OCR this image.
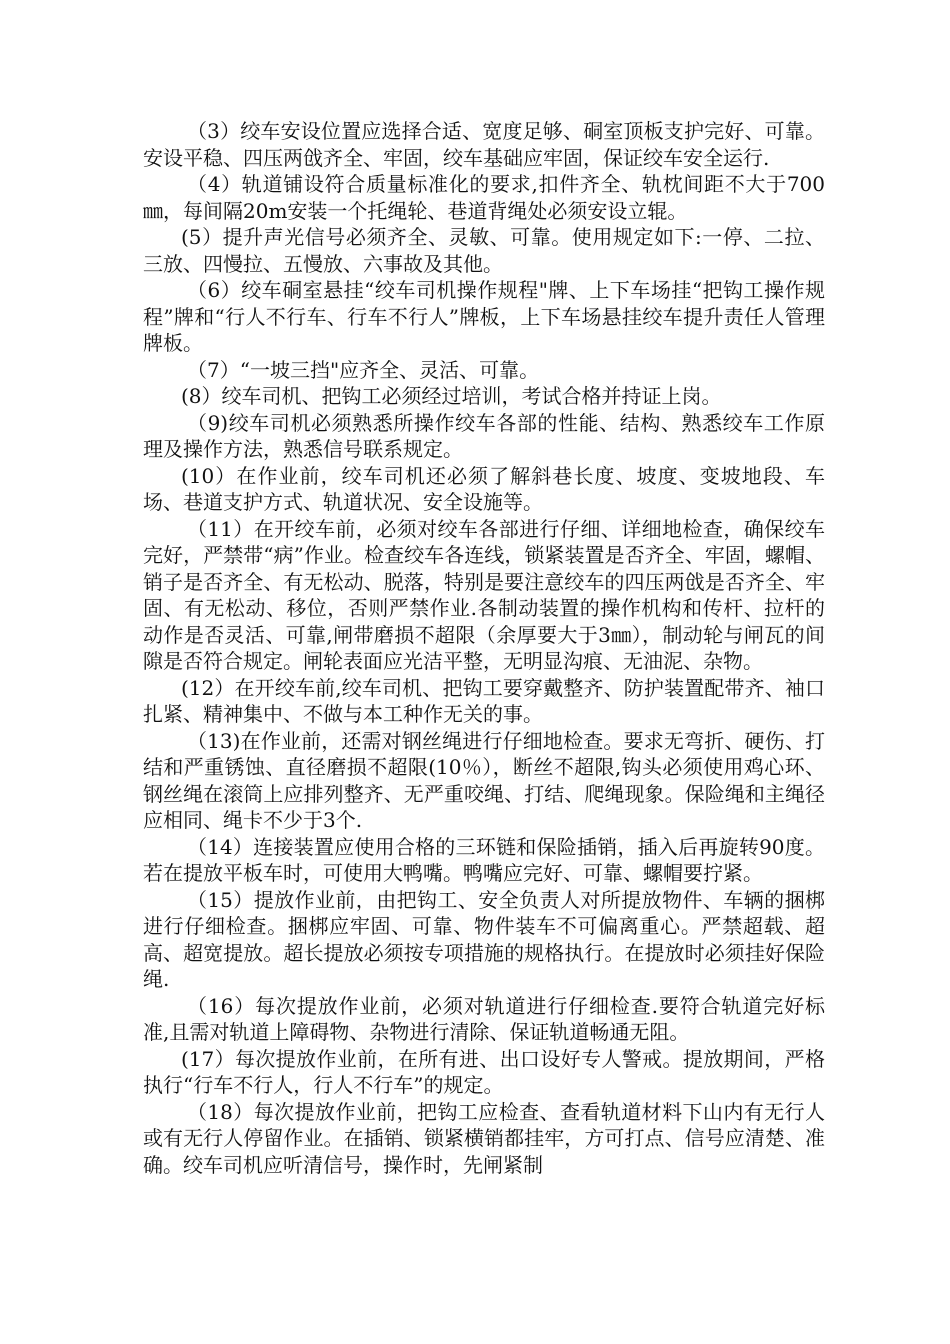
（3）绞车安设位置应选择合适、宽度足够、硐室顶板支护完好、可靠。安设平稳、四压两戗齐全、牢固，绞车基础应牢固，保证绞车安全运行.

（4）轨道铺设符合质量标准化的要求,扣件齐全、轨枕间距不大于700㎜，每间隔20m安装一个托绳轮、巷道背绳处必须安设立辊。

(5）提升声光信号必须齐全、灵敏、可靠。使用规定如下:一停、二拉、三放、四慢拉、五慢放、六事故及其他。

（6）绞车硐室悬挂“绞车司机操作规程"牌、上下车场挂“把钩工操作规程”牌和“行人不行车、行车不行人”牌板，上下车场悬挂绞车提升责任人管理牌板。

（7）“一坡三挡"应齐全、灵活、可靠。

(8）绞车司机、把钩工必须经过培训，考试合格并持证上岗。

（9)绞车司机必须熟悉所操作绞车各部的性能、结构、熟悉绞车工作原理及操作方法，熟悉信号联系规定。

(10）在作业前，绞车司机还必须了解斜巷长度、坡度、变坡地段、车场、巷道支护方式、轨道状况、安全设施等。

（11）在开绞车前，必须对绞车各部进行仔细、详细地检查，确保绞车完好，严禁带“病”作业。检查绞车各连线，锁紧装置是否齐全、牢固，螺帽、销子是否齐全、有无松动、脱落，特别是要注意绞车的四压两戗是否齐全、牢固、有无松动、移位，否则严禁作业.各制动装置的操作机构和传杆、拉杆的动作是否灵活、可靠,闸带磨损不超限（余厚要大于3㎜），制动轮与闸瓦的间隙是否符合规定。闸轮表面应光洁平整，无明显沟痕、无油泥、杂物。

(12）在开绞车前,绞车司机、把钩工要穿戴整齐、防护装置配带齐、袖口扎紧、精神集中、不做与本工种作无关的事。

（13)在作业前，还需对钢丝绳进行仔细地检查。要求无弯折、硬伤、打结和严重锈蚀、直径磨损不超限(10％），断丝不超限,钩头必须使用鸡心环、钢丝绳在滚筒上应排列整齐、无严重咬绳、打结、爬绳现象。保险绳和主绳径应相同、绳卡不少于3个.

（14）连接装置应使用合格的三环链和保险插销，插入后再旋转90度。若在提放平板车时，可使用大鸭嘴。鸭嘴应完好、可靠、螺帽要拧紧。

（15）提放作业前，由把钩工、安全负责人对所提放物件、车辆的捆梆进行仔细检查。捆梆应牢固、可靠、物件装车不可偏离重心。严禁超载、超高、超宽提放。超长提放必须按专项措施的规格执行。在提放时必须挂好保险绳.

（16）每次提放作业前，必须对轨道进行仔细检查.要符合轨道完好标准,且需对轨道上障碍物、杂物进行清除、保证轨道畅通无阻。

(17）每次提放作业前，在所有进、出口设好专人警戒。提放期间，严格执行“行车不行人，行人不行车”的规定。

（18）每次提放作业前，把钩工应检查、查看轨道材料下山内有无行人或有无行人停留作业。在插销、锁紧横销都挂牢，方可打点、信号应清楚、准确。绞车司机应听清信号，操作时，先闸紧制
